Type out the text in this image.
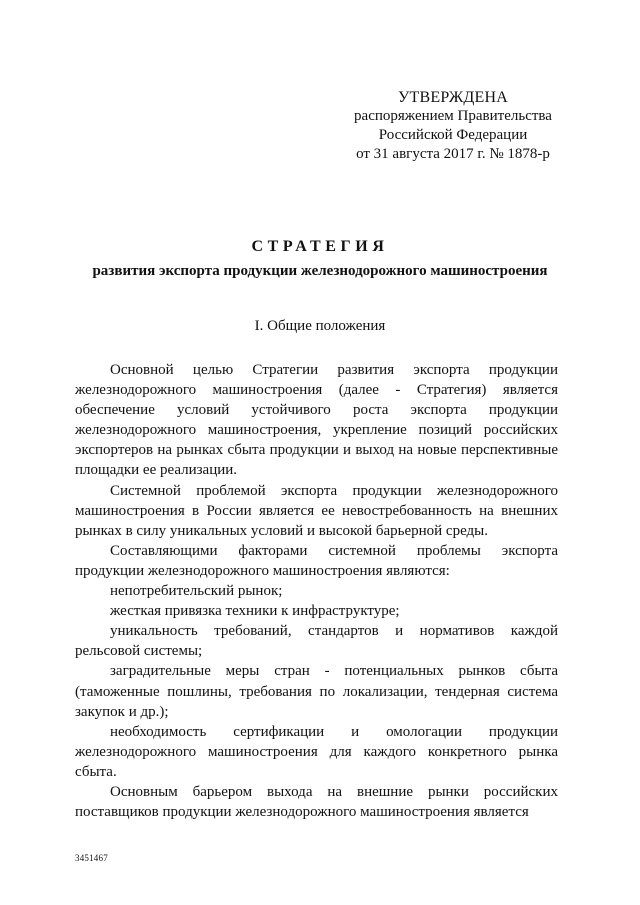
УТВЕРЖДЕНА
распоряжением Правительства
Российской Федерации
от 31 августа 2017 г. № 1878-р
СТРАТЕГИЯ
развития экспорта продукции железнодорожного машиностроения
I. Общие положения

Основной целью Стратегии развития экспорта продукции железнодорожного машиностроения (далее - Стратегия) является обеспечение условий устойчивого роста экспорта продукции железнодорожного машиностроения, укрепление позиций российских экспортеров на рынках сбыта продукции и выход на новые перспективные площадки ее реализации.

Системной проблемой экспорта продукции железнодорожного машиностроения в России является ее невостребованность на внешних рынках в силу уникальных условий и высокой барьерной среды.

Составляющими факторами системной проблемы экспорта продукции железнодорожного машиностроения являются:

непотребительский рынок;

жесткая привязка техники к инфраструктуре;

уникальность требований, стандартов и нормативов каждой рельсовой системы;

заградительные меры стран - потенциальных рынков сбыта (таможенные пошлины, требования по локализации, тендерная система закупок и др.);

необходимость сертификации и омологации продукции железнодорожного машиностроения для каждого конкретного рынка сбыта.

Основным барьером выхода на внешние рынки российских поставщиков продукции железнодорожного машиностроения является

3451467
